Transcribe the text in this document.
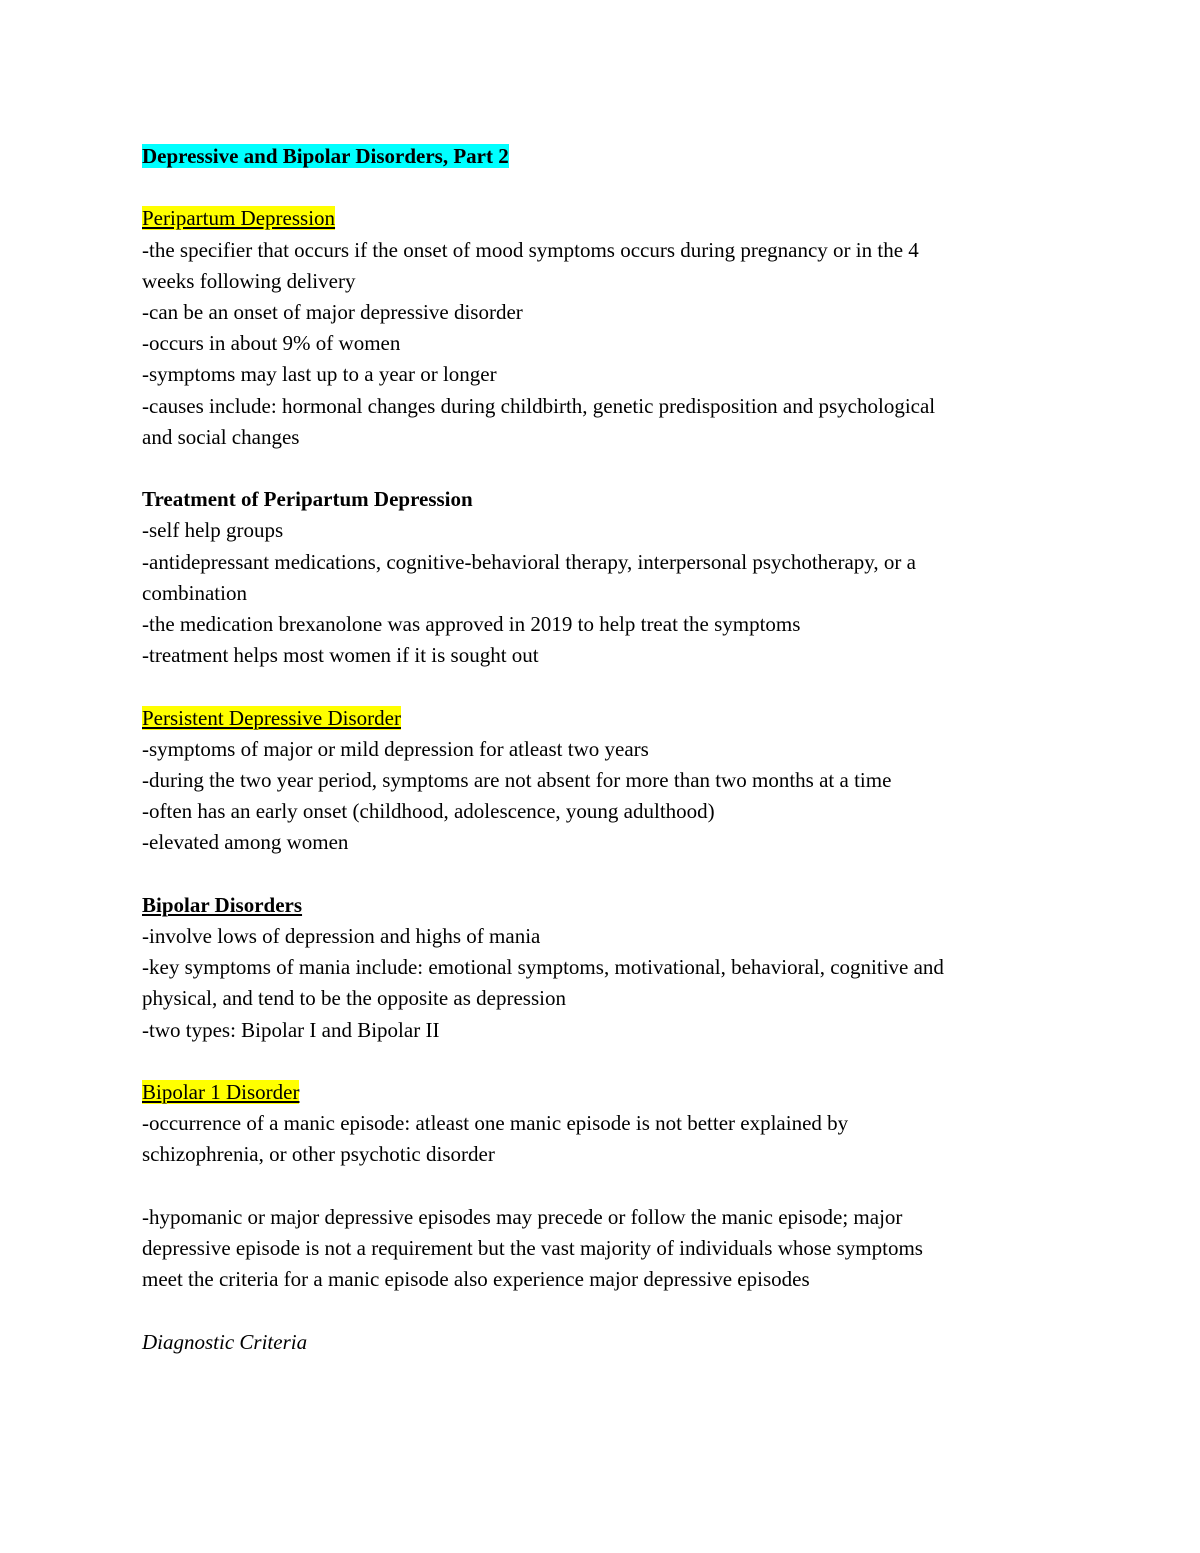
Depressive and Bipolar Disorders, Part 2
Peripartum Depression
-the specifier that occurs if the onset of mood symptoms occurs during pregnancy or in the 4
weeks following delivery
-can be an onset of major depressive disorder
-occurs in about 9% of women
-symptoms may last up to a year or longer
-causes include: hormonal changes during childbirth, genetic predisposition and psychological
and social changes
Treatment of Peripartum Depression
-self help groups
-antidepressant medications, cognitive-behavioral therapy, interpersonal psychotherapy, or a
combination
-the medication brexanolone was approved in 2019 to help treat the symptoms
-treatment helps most women if it is sought out
Persistent Depressive Disorder
-symptoms of major or mild depression for atleast two years
-during the two year period, symptoms are not absent for more than two months at a time
-often has an early onset (childhood, adolescence, young adulthood)
-elevated among women
Bipolar Disorders
-involve lows of depression and highs of mania
-key symptoms of mania include: emotional symptoms, motivational, behavioral, cognitive and
physical, and tend to be the opposite as depression
-two types: Bipolar I and Bipolar II
Bipolar 1 Disorder
-occurrence of a manic episode: atleast one manic episode is not better explained by
schizophrenia, or other psychotic disorder
-hypomanic or major depressive episodes may precede or follow the manic episode; major
depressive episode is not a requirement but the vast majority of individuals whose symptoms
meet the criteria for a manic episode also experience major depressive episodes
Diagnostic Criteria
